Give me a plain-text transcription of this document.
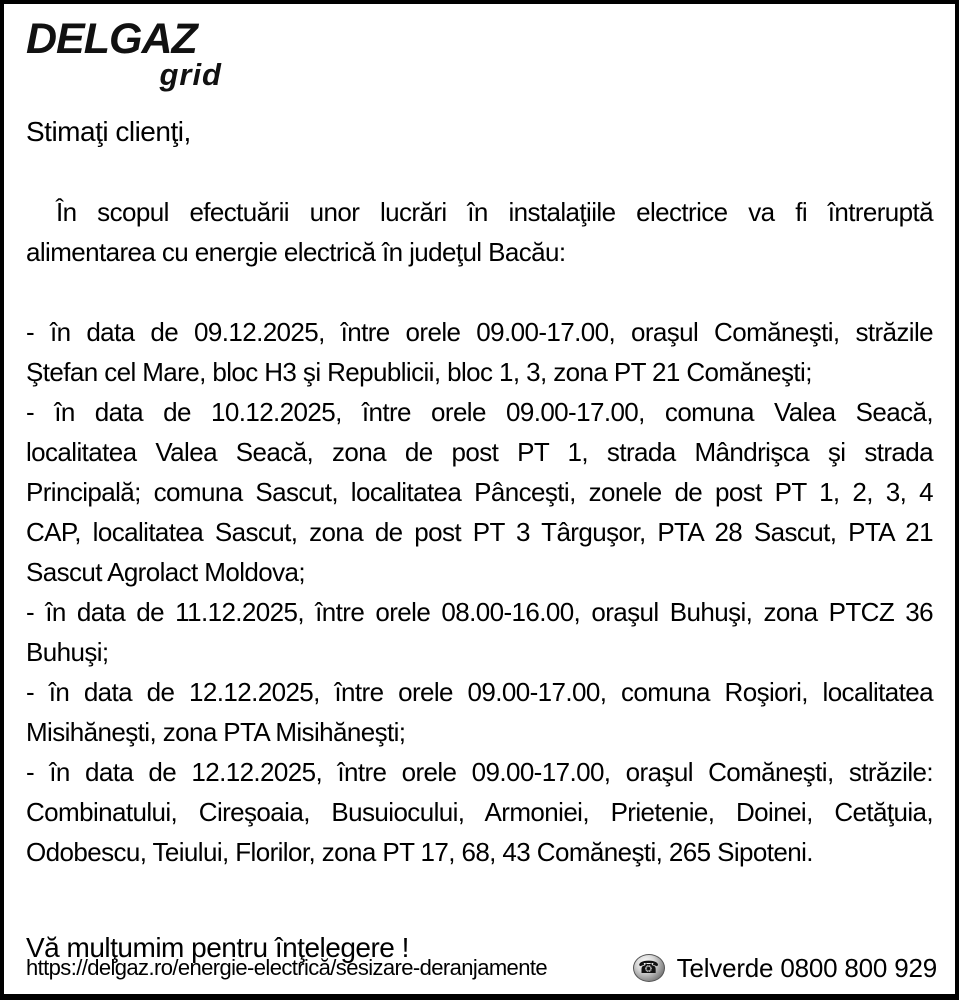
DELGAZ
grid
Stimaţi clienţi,
În scopul efectuării unor lucrări în instalaţiile electrice va fi întreruptă
alimentarea cu energie electrică în judeţul Bacău:
- în data de 09.12.2025, între orele 09.00-17.00, oraşul Comăneşti, străzile
Ştefan cel Mare, bloc H3 şi Republicii, bloc 1, 3, zona PT 21 Comăneşti;
- în data de 10.12.2025, între orele 09.00-17.00, comuna Valea Seacă,
localitatea Valea Seacă, zona de post PT 1, strada Mândrişca şi strada
Principală; comuna Sascut, localitatea Pânceşti, zonele de post PT 1, 2, 3, 4
CAP, localitatea Sascut, zona de post PT 3 Târguşor, PTA 28 Sascut, PTA 21
Sascut Agrolact Moldova;
- în data de 11.12.2025, între orele 08.00-16.00, oraşul Buhuşi, zona PTCZ 36
Buhuşi;
- în data de 12.12.2025, între orele 09.00-17.00, comuna Roşiori, localitatea
Misihăneşti, zona PTA Misihăneşti;
- în data de 12.12.2025, între orele 09.00-17.00, oraşul Comăneşti, străzile:
Combinatului, Cireşoaia, Busuiocului, Armoniei, Prietenie, Doinei, Cetăţuia,
Odobescu, Teiului, Florilor, zona PT 17, 68, 43 Comăneşti, 265 Sipoteni.
Vă mulţumim pentru înţelegere !
https://delgaz.ro/energie-electrică/sesizare-deranjamente	☎ Telverde 0800 800 929
